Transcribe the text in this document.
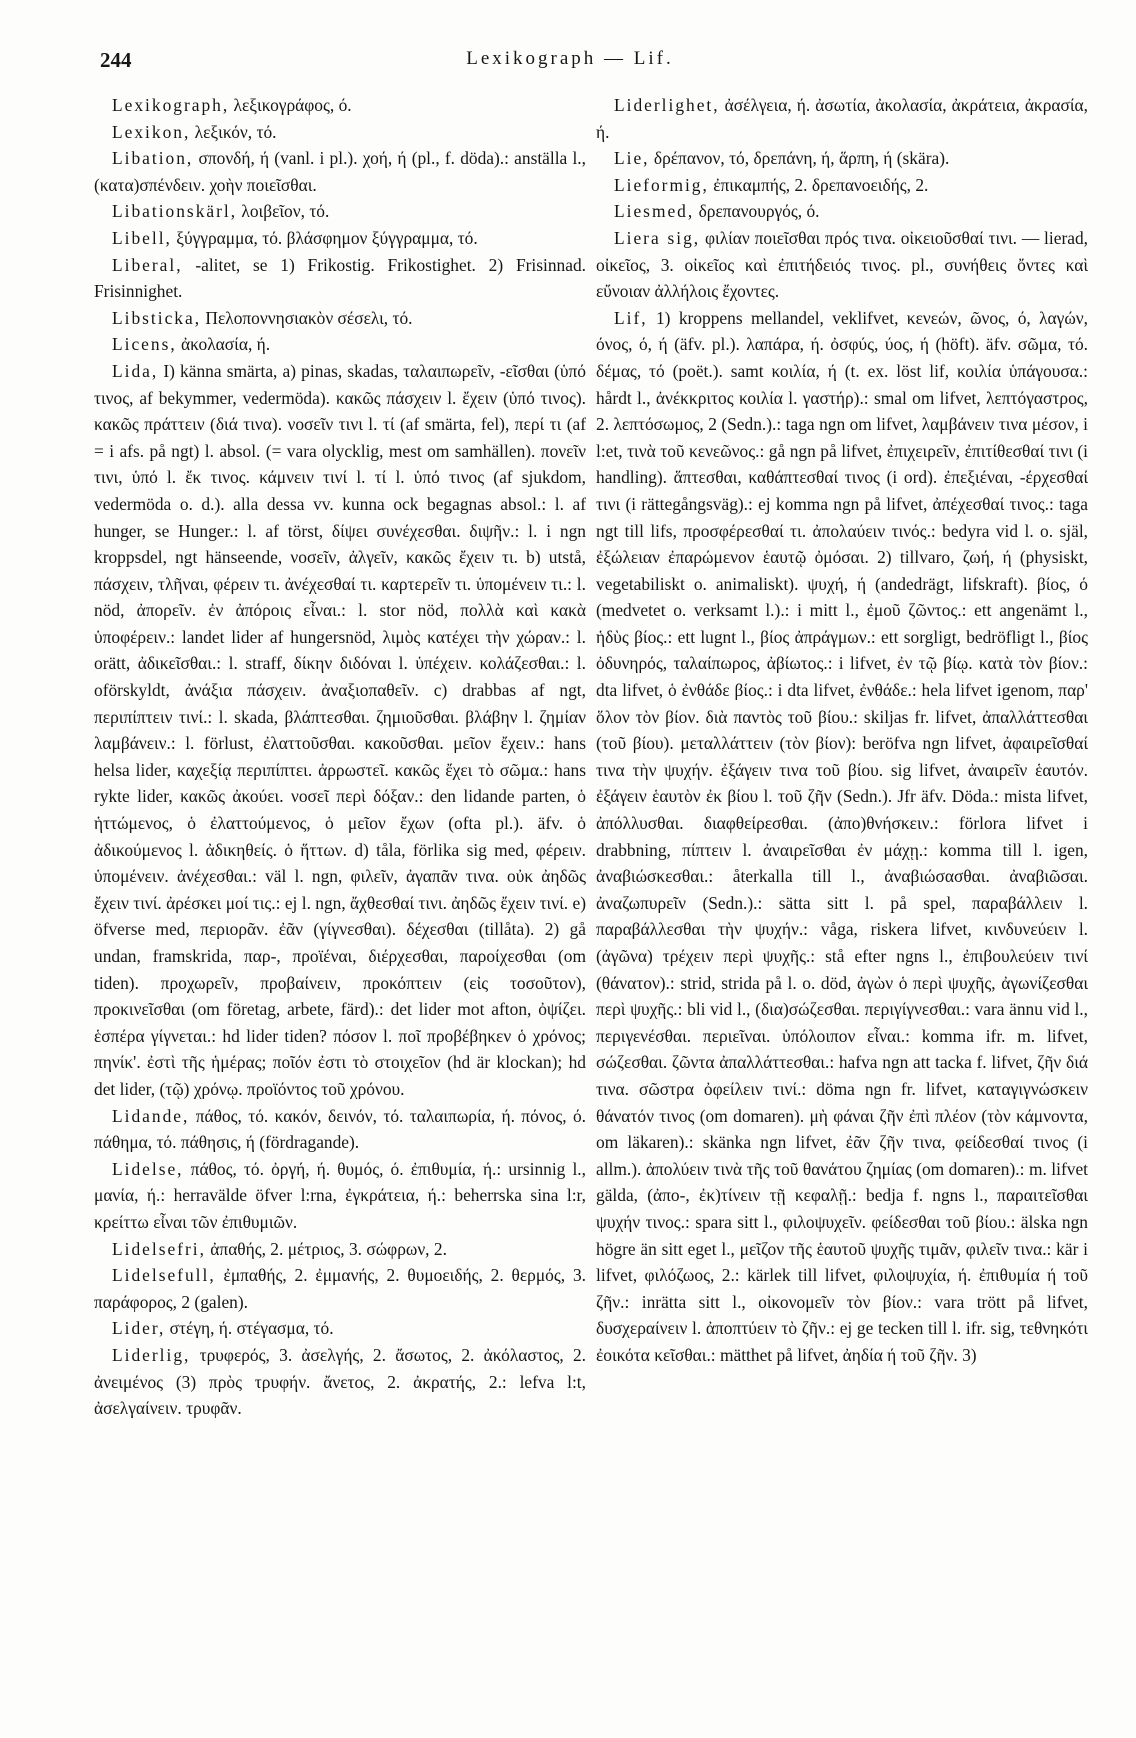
244	Lexikograph — Lif.

Lexikograph, λεξικογράφος, ό.

Lexikon, λεξικόν, τό.

Libation, σπονδή, ή (vanl. i pl.). χοή, ή (pl., f. döda).: anställa l., (κατα)σπένδειν. χοὴν ποιεῖσθαι.

Libationskärl, λοιβεῖον, τό.

Libell, ξύγγραμμα, τό. βλάσφημον ξύγγραμμα, τό.

Liberal, -alitet, se 1) Frikostig. Frikostighet. 2) Frisinnad. Frisinnighet.

Libsticka, Πελοποννησιακὸν σέσελι, τό.

Licens, ἀκολασία, ή.

Lida, I) känna smärta, a) pinas, skadas, ταλαιπωρεῖν, -εῖσθαι (ὑπό τινος, af bekymmer, vedermöda). κακῶς πάσχειν l. ἔχειν (ὑπό τινος). κακῶς πράττειν (διά τινα). νοσεῖν τινι l. τί (af smärta, fel), περί τι (af = i afs. på ngt) l. absol. (= vara olycklig, mest om samhällen). πονεῖν τινι, ὑπό l. ἔκ τινος. κάμνειν τινί l. τί l. ὑπό τινος (af sjukdom, vedermöda o. d.). alla dessa vv. kunna ock begagnas absol.: l. af hunger, se Hunger.: l. af törst, δίψει συνέχεσθαι. διψῆν.: l. i ngn kroppsdel, ngt hänseende, νοσεῖν, ἀλγεῖν, κακῶς ἔχειν τι. b) utstå, πάσχειν, τλῆναι, φέρειν τι. ἀνέχεσθαί τι. καρτερεῖν τι. ὑπομένειν τι.: l. nöd, ἀπορεῖν. ἐν ἀπόροις εἶναι.: l. stor nöd, πολλὰ καὶ κακὰ ὑποφέρειν.: landet lider af hungersnöd, λιμὸς κατέχει τὴν χώραν.: l. orätt, ἀδικεῖσθαι.: l. straff, δίκην διδόναι l. ὑπέχειν. κολάζεσθαι.: l. oförskyldt, ἀνάξια πάσχειν. ἀναξιοπαθεῖν. c) drabbas af ngt, περιπίπτειν τινί.: l. skada, βλάπτεσθαι. ζημιοῦσθαι. βλάβην l. ζημίαν λαμβάνειν.: l. förlust, ἐλαττοῦσθαι. κακοῦσθαι. μεῖον ἔχειν.: hans helsa lider, καχεξίᾳ περιπίπτει. ἀρρωστεῖ. κακῶς ἔχει τὸ σῶμα.: hans rykte lider, κακῶς ἀκούει. νοσεῖ περὶ δόξαν.: den lidande parten, ὁ ἡττώμενος, ὁ ἐλαττούμενος, ὁ μεῖον ἔχων (ofta pl.). äfv. ὁ ἀδικούμενος l. ἀδικηθείς. ὁ ἥττων. d) tåla, förlika sig med, φέρειν. ὑπομένειν. ἀνέχεσθαι.: väl l. ngn, φιλεῖν, ἀγαπᾶν τινα. οὐκ ἀηδῶς ἔχειν τινί. ἀρέσκει μοί τις.: ej l. ngn, ἄχθεσθαί τινι. ἀηδῶς ἔχειν τινί. e) öfverse med, περιορᾶν. ἐᾶν (γίγνεσθαι). δέχεσθαι (tillåta). 2) gå undan, framskrida, παρ-, προϊέναι, διέρχεσθαι, παροίχεσθαι (om tiden). προχωρεῖν, προβαίνειν, προκόπτειν (εἰς τοσοῦτον), προκινεῖσθαι (om företag, arbete, färd).: det lider mot afton, ὀψίζει. ἑσπέρα γίγνεται.: hd lider tiden? πόσον l. ποῖ προβέβηκεν ὁ χρόνος; πηνίκ'. ἐστὶ τῆς ἡμέρας; ποῖόν ἐστι τὸ στοιχεῖον (hd är klockan); hd det lider, (τῷ) χρόνῳ. προϊόντος τοῦ χρόνου.

Lidande, πάθος, τό. κακόν, δεινόν, τό. ταλαιπωρία, ή. πόνος, ό. πάθημα, τό. πάθησις, ή (fördragande).

Lidelse, πάθος, τό. ὀργή, ή. θυμός, ό. ἐπιθυμία, ή.: ursinnig l., μανία, ή.: herravälde öfver l:rna, ἐγκράτεια, ή.: beherrska sina l:r, κρείττω εἶναι τῶν ἐπιθυμιῶν.

Lidelsefri, ἀπαθής, 2. μέτριος, 3. σώφρων, 2.

Lidelsefull, ἐμπαθής, 2. ἐμμανής, 2. θυμοειδής, 2. θερμός, 3. παράφορος, 2 (galen).

Lider, στέγη, ή. στέγασμα, τό.

Liderlig, τρυφερός, 3. ἀσελγής, 2. ἄσωτος, 2. ἀκόλαστος, 2. ἀνειμένος (3) πρὸς τρυφήν. ἄνετος, 2. ἀκρατής, 2.: lefva l:t, ἀσελγαίνειν. τρυφᾶν.

Liderlighet, ἀσέλγεια, ή. ἀσωτία, ἀκολασία, ἀκράτεια, ἀκρασία, ή.

Lie, δρέπανον, τό, δρεπάνη, ή, ἅρπη, ή (skära).

Lieformig, ἐπικαμπής, 2. δρεπανοειδής, 2.

Liesmed, δρεπανουργός, ό.

Liera sig, φιλίαν ποιεῖσθαι πρός τινα. οἰκειοῦσθαί τινι. — lierad, οἰκεῖος, 3. οἰκεῖος καὶ ἐπιτήδειός τινος. pl., συνήθεις ὄντες καὶ εὔνοιαν ἀλλήλοις ἔχοντες.

Lif, 1) kroppens mellandel, veklifvet, κενεών, ῶνος, ό, λαγών, όνος, ό, ή (äfv. pl.). λαπάρα, ή. ὀσφύς, ύος, ή (höft). äfv. σῶμα, τό. δέμας, τό (poët.). samt κοιλία, ή (t. ex. löst lif, κοιλία ὑπάγουσα.: hårdt l., ἀνέκκριτος κοιλία l. γαστήρ).: smal om lifvet, λεπτόγαστρος, 2. λεπτόσωμος, 2 (Sedn.).: taga ngn om lifvet, λαμβάνειν τινα μέσον, i l:et, τινὰ τοῦ κενεῶνος.: gå ngn på lifvet, ἐπιχειρεῖν, ἐπιτίθεσθαί τινι (i handling). ἅπτεσθαι, καθάπτεσθαί τινος (i ord). ἐπεξιέναι, -έρχεσθαί τινι (i rättegångsväg).: ej komma ngn på lifvet, ἀπέχεσθαί τινος.: taga ngt till lifs, προσφέρεσθαί τι. ἀπολαύειν τινός.: bedyra vid l. o. själ, ἐξώλειαν ἐπαρώμενον ἑαυτῷ ὀμόσαι. 2) tillvaro, ζωή, ή (physiskt, vegetabiliskt o. animaliskt). ψυχή, ή (andedrägt, lifskraft). βίος, ό (medvetet o. verksamt l.).: i mitt l., ἐμοῦ ζῶντος.: ett angenämt l., ἡδὺς βίος.: ett lugnt l., βίος ἀπράγμων.: ett sorgligt, bedröfligt l., βίος ὀδυνηρός, ταλαίπωρος, ἀβίωτος.: i lifvet, ἐν τῷ βίῳ. κατὰ τὸν βίον.: dta lifvet, ὁ ἐνθάδε βίος.: i dta lifvet, ἐνθάδε.: hela lifvet igenom, παρ' ὅλον τὸν βίον. διὰ παντὸς τοῦ βίου.: skiljas fr. lifvet, ἀπαλλάττεσθαι (τοῦ βίου). μεταλλάττειν (τὸν βίον): beröfva ngn lifvet, ἀφαιρεῖσθαί τινα τὴν ψυχήν. ἐξάγειν τινα τοῦ βίου. sig lifvet, ἀναιρεῖν ἑαυτόν. ἐξάγειν ἑαυτὸν ἐκ βίου l. τοῦ ζῆν (Sedn.). Jfr äfv. Döda.: mista lifvet, ἀπόλλυσθαι. διαφθείρεσθαι. (ἀπο)θνήσκειν.: förlora lifvet i drabbning, πίπτειν l. ἀναιρεῖσθαι ἐν μάχῃ.: komma till l. igen, ἀναβιώσκεσθαι.: återkalla till l., ἀναβιώσασθαι. ἀναβιῶσαι. ἀναζωπυρεῖν (Sedn.).: sätta sitt l. på spel, παραβάλλειν l. παραβάλλεσθαι τὴν ψυχήν.: våga, riskera lifvet, κινδυνεύειν l. (ἀγῶνα) τρέχειν περὶ ψυχῆς.: stå efter ngns l., ἐπιβουλεύειν τινί (θάνατον).: strid, strida på l. o. död, ἀγὼν ὁ περὶ ψυχῆς, ἀγωνίζεσθαι περὶ ψυχῆς.: bli vid l., (δια)σώζεσθαι. περιγίγνεσθαι.: vara ännu vid l., περιγενέσθαι. περιεῖναι. ὑπόλοιπον εἶναι.: komma ifr. m. lifvet, σώζεσθαι. ζῶντα ἀπαλλάττεσθαι.: hafva ngn att tacka f. lifvet, ζῆν διά τινα. σῶστρα ὀφείλειν τινί.: döma ngn fr. lifvet, καταγιγνώσκειν θάνατόν τινος (om domaren). μὴ φάναι ζῆν ἐπὶ πλέον (τὸν κάμνοντα, om läkaren).: skänka ngn lifvet, ἐᾶν ζῆν τινα, φείδεσθαί τινος (i allm.). ἀπολύειν τινὰ τῆς τοῦ θανάτου ζημίας (om domaren).: m. lifvet gälda, (ἀπο-, ἐκ)τίνειν τῇ κεφαλῇ.: bedja f. ngns l., παραιτεῖσθαι ψυχήν τινος.: spara sitt l., φιλοψυχεῖν. φείδεσθαι τοῦ βίου.: älska ngn högre än sitt eget l., μεῖζον τῆς ἑαυτοῦ ψυχῆς τιμᾶν, φιλεῖν τινα.: kär i lifvet, φιλόζωος, 2.: kärlek till lifvet, φιλοψυχία, ή. ἐπιθυμία ή τοῦ ζῆν.: inrätta sitt l., οἰκονομεῖν τὸν βίον.: vara trött på lifvet, δυσχεραίνειν l. ἀποπτύειν τὸ ζῆν.: ej ge tecken till l. ifr. sig, τεθνηκότι ἐοικότα κεῖσθαι.: mätthet på lifvet, ἀηδία ή τοῦ ζῆν. 3)
